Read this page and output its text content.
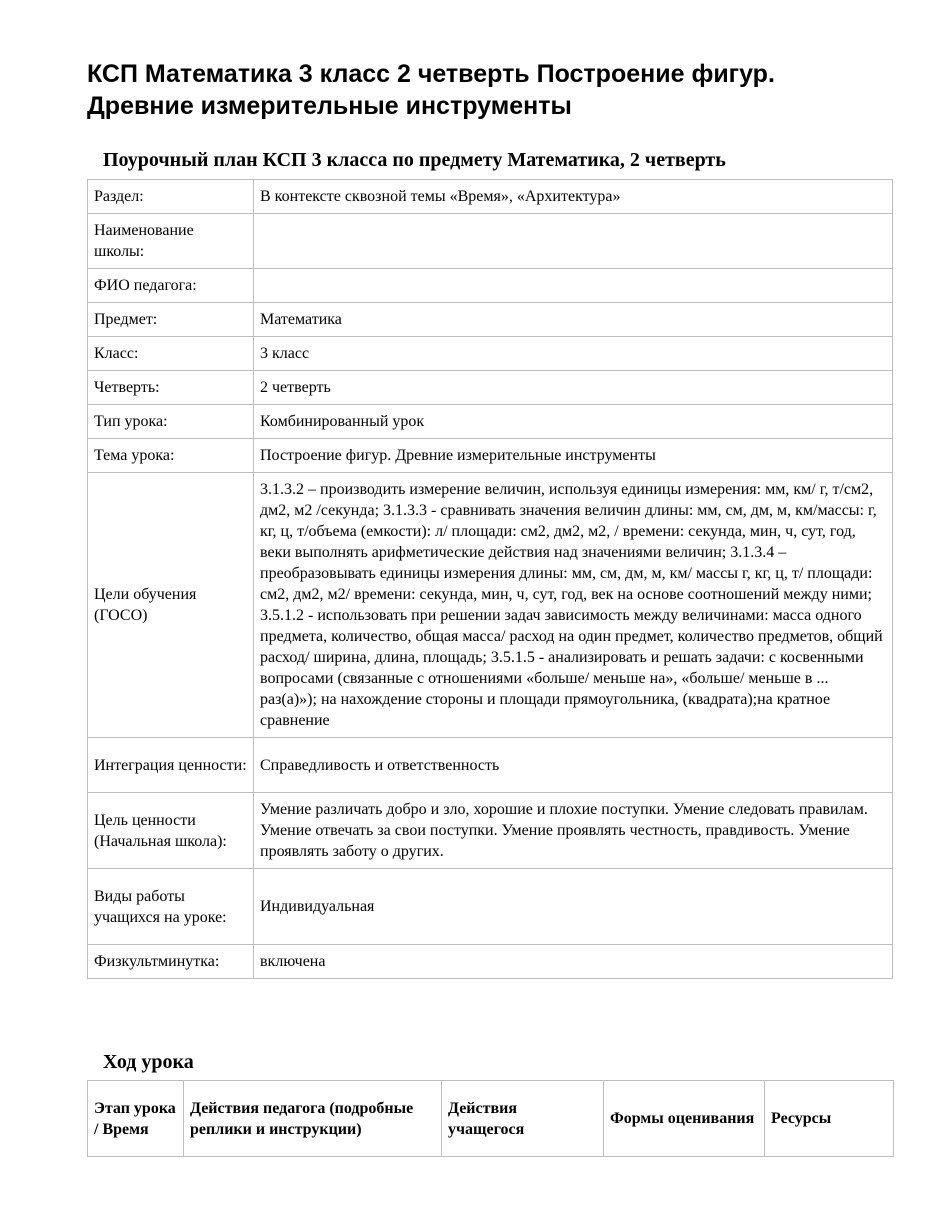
КСП Математика 3 класс 2 четверть Построение фигур. Древние измерительные инструменты
Поурочный план КСП 3 класса по предмету Математика, 2 четверть
Раздел:	В контексте сквозной темы «Время», «Архитектура»
Наименование школы:	
ФИО педагога:	
Предмет:	Математика
Класс:	3 класс
Четверть:	2 четверть
Тип урока:	Комбинированный урок
Тема урока:	Построение фигур. Древние измерительные инструменты
Цели обучения (ГОСО)	3.1.3.2 – производить измерение величин, используя единицы измерения: мм, км/ г, т/см2, дм2, м2 /секунда; 3.1.3.3 - сравнивать значения величин длины: мм, см, дм, м, км/массы: г, кг, ц, т/объема (емкости): л/ площади: см2, дм2, м2, / времени: секунда, мин, ч, сут, год, веки выполнять арифметические действия над значениями величин; 3.1.3.4 – преобразовывать единицы измерения длины: мм, см, дм, м, км/ массы г, кг, ц, т/ площади: см2, дм2, м2/ времени: секунда, мин, ч, сут, год, век на основе соотношений между ними; 3.5.1.2 - использовать при решении задач зависимость между величинами: масса одного предмета, количество, общая масса/ расход на один предмет, количество предметов, общий расход/ ширина, длина, площадь; 3.5.1.5 - анализировать и решать задачи: с косвенными вопросами (связанные с отношениями «больше/ меньше на», «больше/ меньше в ... раз(а)»); на нахождение стороны и площади прямоугольника, (квадрата);на кратное сравнение
Интеграция ценности:	Справедливость и ответственность
Цель ценности (Начальная школа):	Умение различать добро и зло, хорошие и плохие поступки. Умение следовать правилам. Умение отвечать за свои поступки. Умение проявлять честность, правдивость. Умение проявлять заботу о других.
Виды работы учащихся на уроке:	Индивидуальная
Физкультминутка:	включена
Ход урока
Этап урока / Время	Действия педагога (подробные реплики и инструкции)	Действия учащегося	Формы оценивания	Ресурсы
